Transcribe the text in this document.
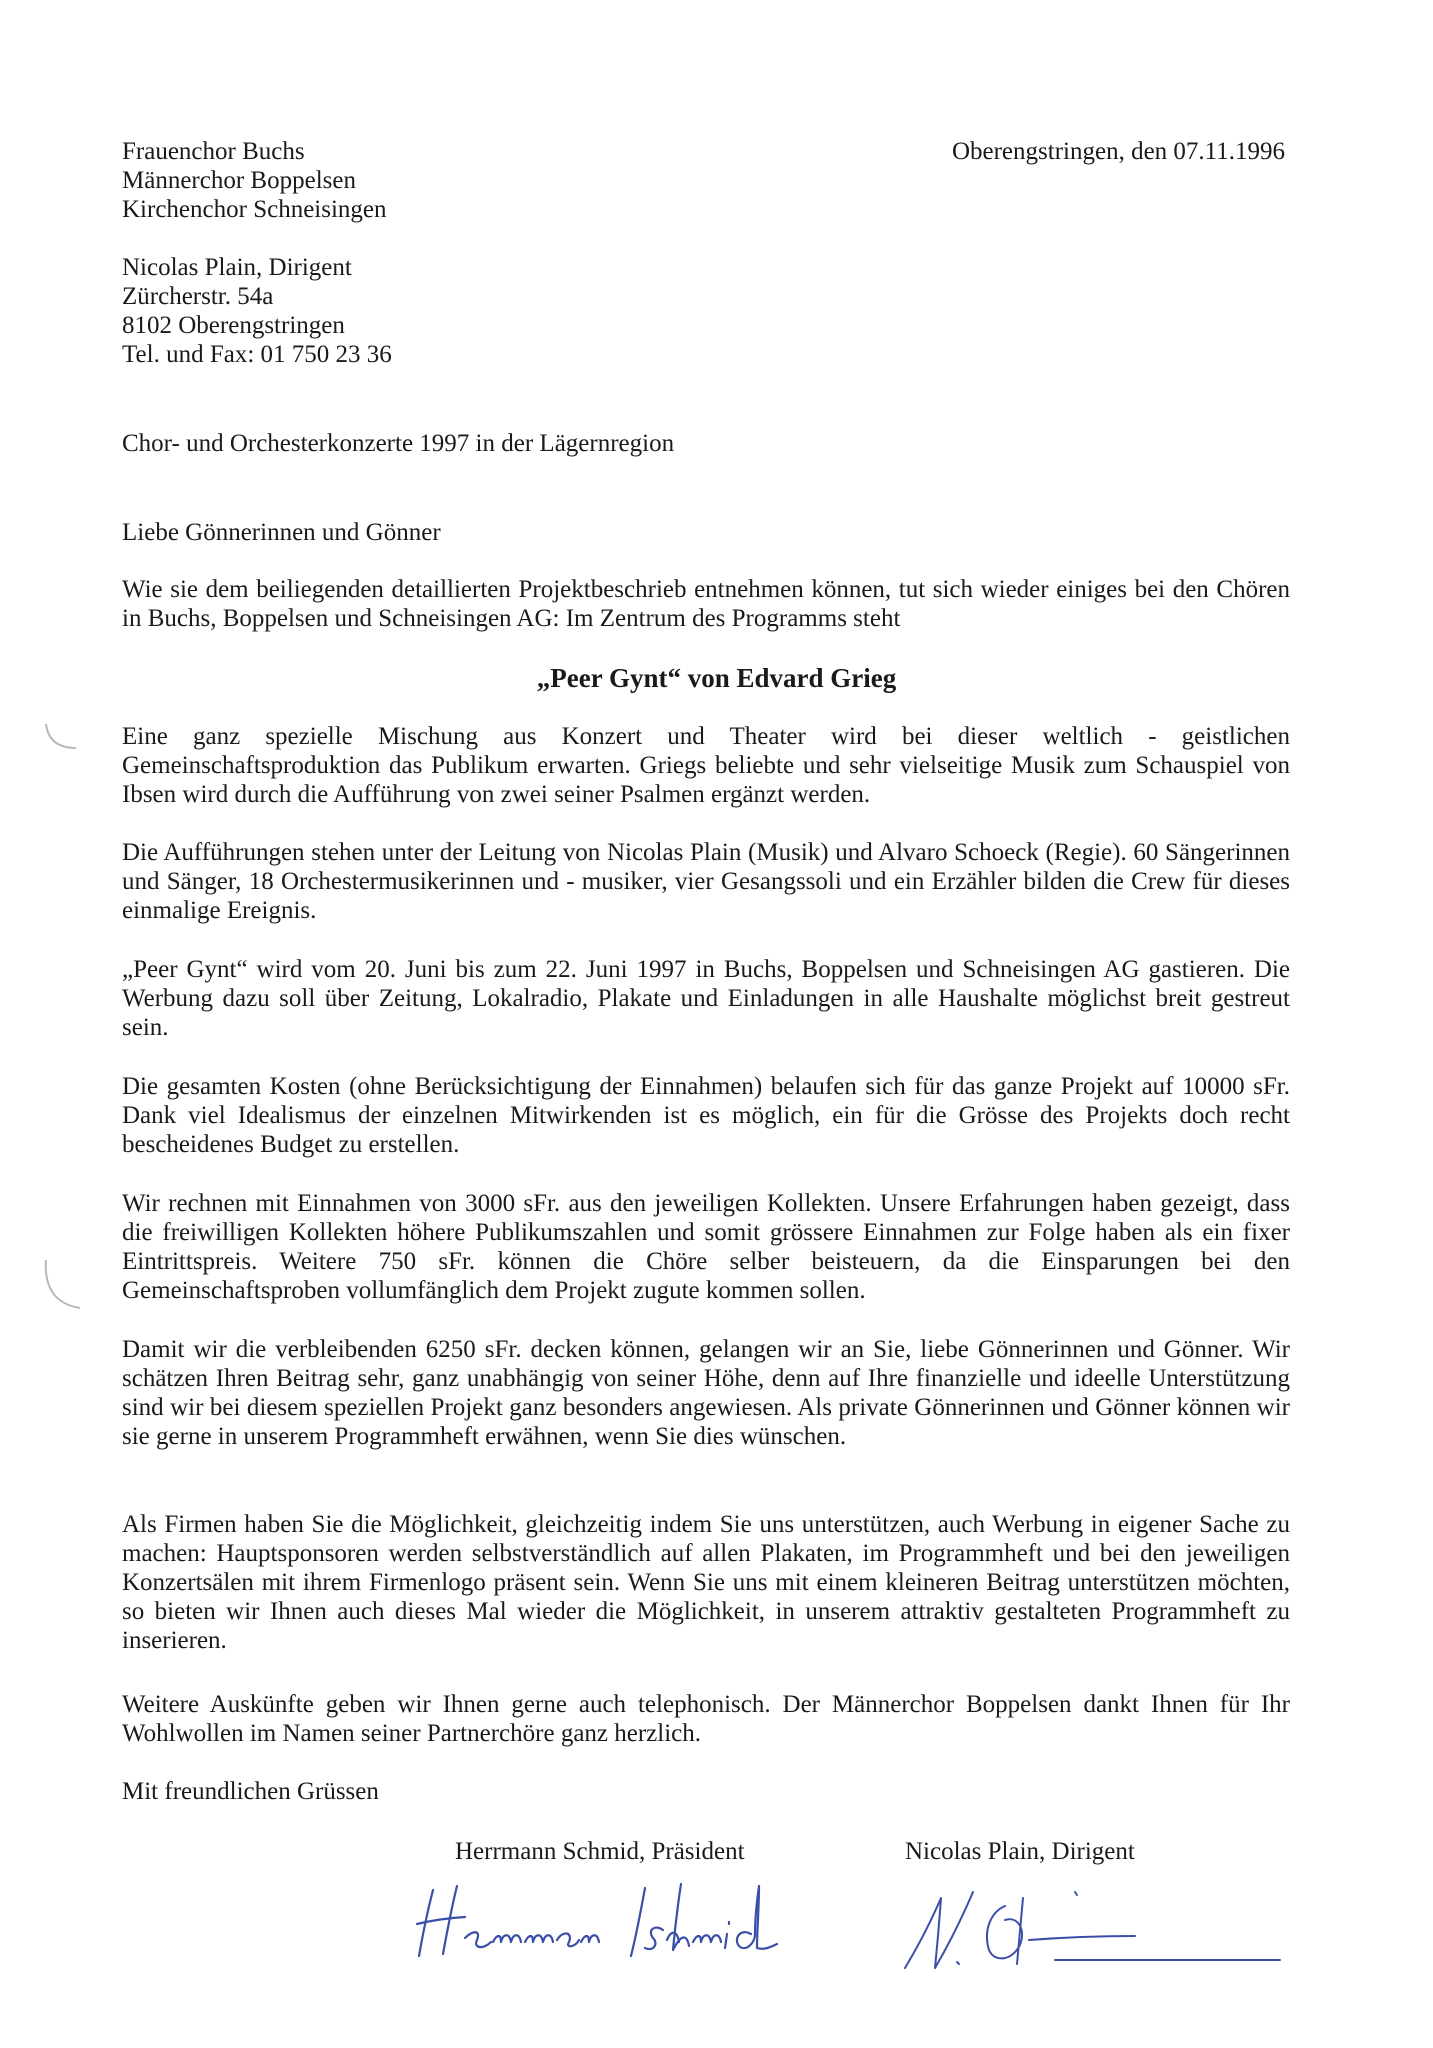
Frauenchor Buchs
Männerchor Boppelsen
Kirchenchor Schneisingen
Oberengstringen, den 07.11.1996
Nicolas Plain, Dirigent
Zürcherstr. 54a
8102 Oberengstringen
Tel. und Fax: 01 750 23 36
Chor- und Orchesterkonzerte 1997 in der Lägernregion
Liebe Gönnerinnen und Gönner
Wie sie dem beiliegenden detaillierten Projektbeschrieb entnehmen können, tut sich wieder einiges bei den Chören in Buchs, Boppelsen und Schneisingen AG: Im Zentrum des Programms steht
„Peer Gynt“ von Edvard Grieg
Eine ganz spezielle Mischung aus Konzert und Theater wird bei dieser weltlich - geistlichen Gemeinschaftsproduktion das Publikum erwarten. Griegs beliebte und sehr vielseitige Musik zum Schauspiel von Ibsen wird durch die Aufführung von zwei seiner Psalmen ergänzt werden.
Die Aufführungen stehen unter der Leitung von Nicolas Plain (Musik) und Alvaro Schoeck (Regie). 60 Sängerinnen und Sänger, 18 Orchestermusikerinnen und - musiker, vier Gesangssoli und ein Erzähler bilden die Crew für dieses einmalige Ereignis.
„Peer Gynt“ wird vom 20. Juni bis zum 22. Juni 1997 in Buchs, Boppelsen und Schneisingen AG gastieren. Die Werbung dazu soll über Zeitung, Lokalradio, Plakate und Einladungen in alle Haushalte möglichst breit gestreut sein.
Die gesamten Kosten (ohne Berücksichtigung der Einnahmen) belaufen sich für das ganze Projekt auf 10000 sFr. Dank viel Idealismus der einzelnen Mitwirkenden ist es möglich, ein für die Grösse des Projekts doch recht bescheidenes Budget zu erstellen.
Wir rechnen mit Einnahmen von 3000 sFr. aus den jeweiligen Kollekten. Unsere Erfahrungen haben gezeigt, dass die freiwilligen Kollekten höhere Publikumszahlen und somit grössere Einnahmen zur Folge haben als ein fixer Eintrittspreis. Weitere 750 sFr. können die Chöre selber beisteuern, da die Einsparungen bei den Gemeinschaftsproben vollumfänglich dem Projekt zugute kommen sollen.
Damit wir die verbleibenden 6250 sFr. decken können, gelangen wir an Sie, liebe Gönnerinnen und Gönner. Wir schätzen Ihren Beitrag sehr, ganz unabhängig von seiner Höhe, denn auf Ihre finanzielle und ideelle Unterstützung sind wir bei diesem speziellen Projekt ganz besonders angewiesen. Als private Gönnerinnen und Gönner können wir sie gerne in unserem Programmheft erwähnen, wenn Sie dies wünschen.
Als Firmen haben Sie die Möglichkeit, gleichzeitig indem Sie uns unterstützen, auch Werbung in eigener Sache zu machen: Hauptsponsoren werden selbstverständlich auf allen Plakaten, im Programmheft und bei den jeweiligen Konzertsälen mit ihrem Firmenlogo präsent sein. Wenn Sie uns mit einem kleineren Beitrag unterstützen möchten, so bieten wir Ihnen auch dieses Mal wieder die Möglichkeit, in unserem attraktiv gestalteten Programmheft zu inserieren.
Weitere Auskünfte geben wir Ihnen gerne auch telephonisch. Der Männerchor Boppelsen dankt Ihnen für Ihr Wohlwollen im Namen seiner Partnerchöre ganz herzlich.
Mit freundlichen Grüssen
Herrmann Schmid, Präsident	Nicolas Plain, Dirigent
